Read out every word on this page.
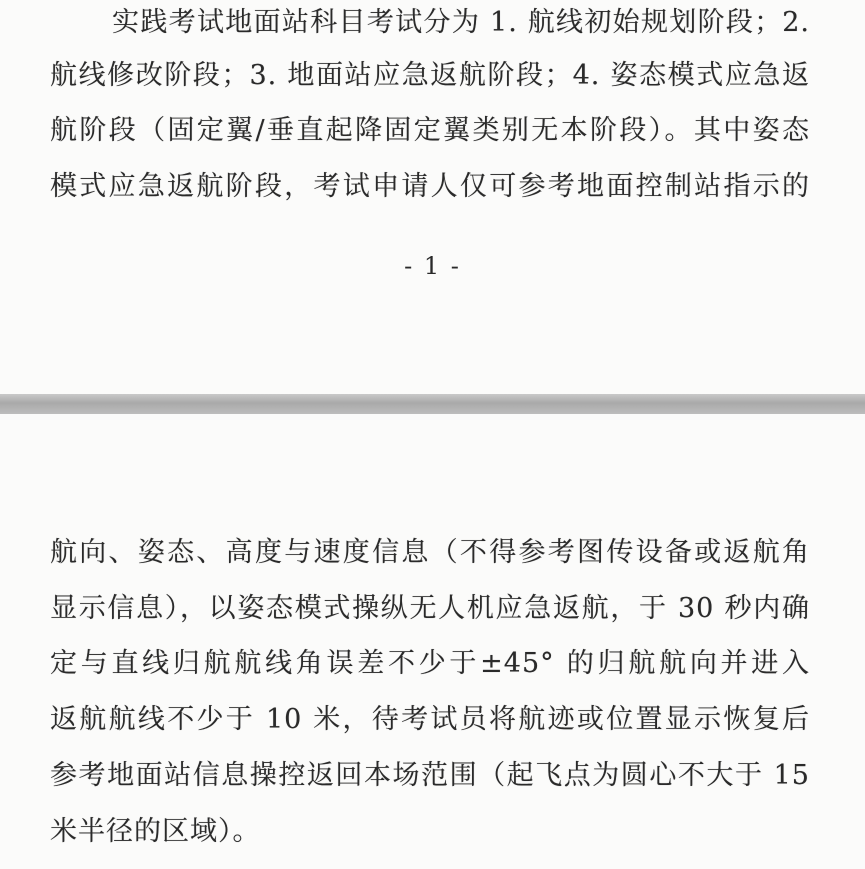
实践考试地面站科目考试分为 1. 航线初始规划阶段；2.
航线修改阶段；3. 地面站应急返航阶段；4. 姿态模式应急返
航阶段（固定翼/垂直起降固定翼类别无本阶段）。其中姿态
模式应急返航阶段，考试申请人仅可参考地面控制站指示的
- 1 -
航向、姿态、高度与速度信息（不得参考图传设备或返航角
显示信息），以姿态模式操纵无人机应急返航，于 30 秒内确
定与直线归航航线角误差不少于±45° 的归航航向并进入
返航航线不少于 10 米，待考试员将航迹或位置显示恢复后
参考地面站信息操控返回本场范围（起飞点为圆心不大于 15
米半径的区域）。
